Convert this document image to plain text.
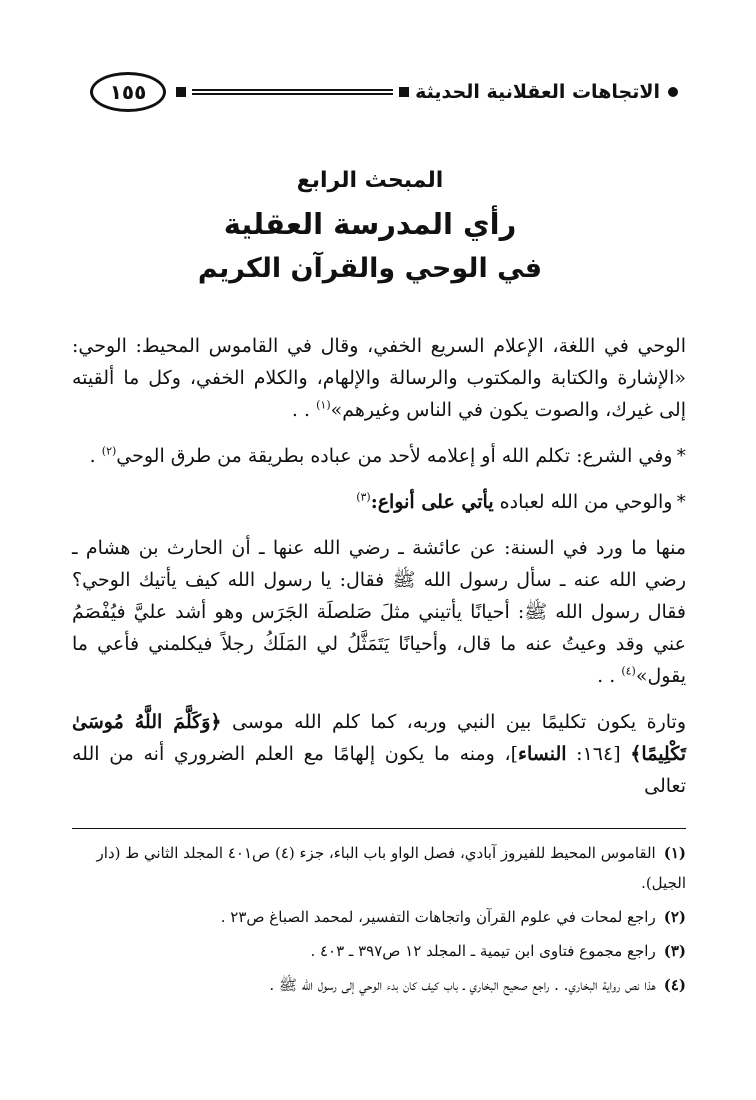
الاتجاهات العقلانية الحديثة
١٥٥
المبحث الرابع
رأي المدرسة العقلية
في الوحي والقرآن الكريم

الوحي في اللغة، الإعلام السريع الخفي، وقال في القاموس المحيط: الوحي: «الإشارة والكتابة والمكتوب والرسالة والإلهام، والكلام الخفي، وكل ما ألقيته إلى غيرك، والصوت يكون في الناس وغيرهم»$^{(١)}$ . .

*وفي الشرع: تكلم الله أو إعلامه لأحد من عباده بطريقة من طرق الوحي$^{(٢)}$ .

*والوحي من الله لعباده يأتي على أنواع:$^{(٣)}$

منها ما ورد في السنة: عن عائشة ـ رضي الله عنها ـ أن الحارث بن هشام ـ رضي الله عنه ـ سأل رسول الله ﷺ فقال: يا رسول الله كيف يأتيك الوحي؟ فقال رسول الله ﷺ: أحيانًا يأتيني مثلَ صَلصلَة الجَرَس وهو أشد عليَّ فيُفْصَمُ عني وقد وعيتُ عنه ما قال، وأحيانًا يَتَمَثَّلُ لي المَلَكُ رجلاً فيكلمني فأعي ما يقول»$^{(٤)}$ . .

وتارة يكون تكليمًا بين النبي وربه، كما كلم الله موسى ﴿وَكَلَّمَ اللَّهُ مُوسَىٰ تَكْلِيمًا﴾ [١٦٤: النساء]، ومنه ما يكون إلهامًا مع العلم الضروري أنه من الله تعالى

(١)القاموس المحيط للفيروز آبادي، فصل الواو باب الباء، جزء (٤) ص٤٠١ المجلد الثاني ط (دار الجيل).
(٢)راجع لمحات في علوم القرآن واتجاهات التفسير، لمحمد الصباغ ص٢٣ .
(٣)راجع مجموع فتاوى ابن تيمية ـ المجلد ١٢ ص٣٩٧ ـ ٤٠٣ .
(٤)هذا نص رواية البخاري. . راجع صحيح البخاري ـ باب كيف كان بدء الوحي إلى رسول الله ﷺ .
